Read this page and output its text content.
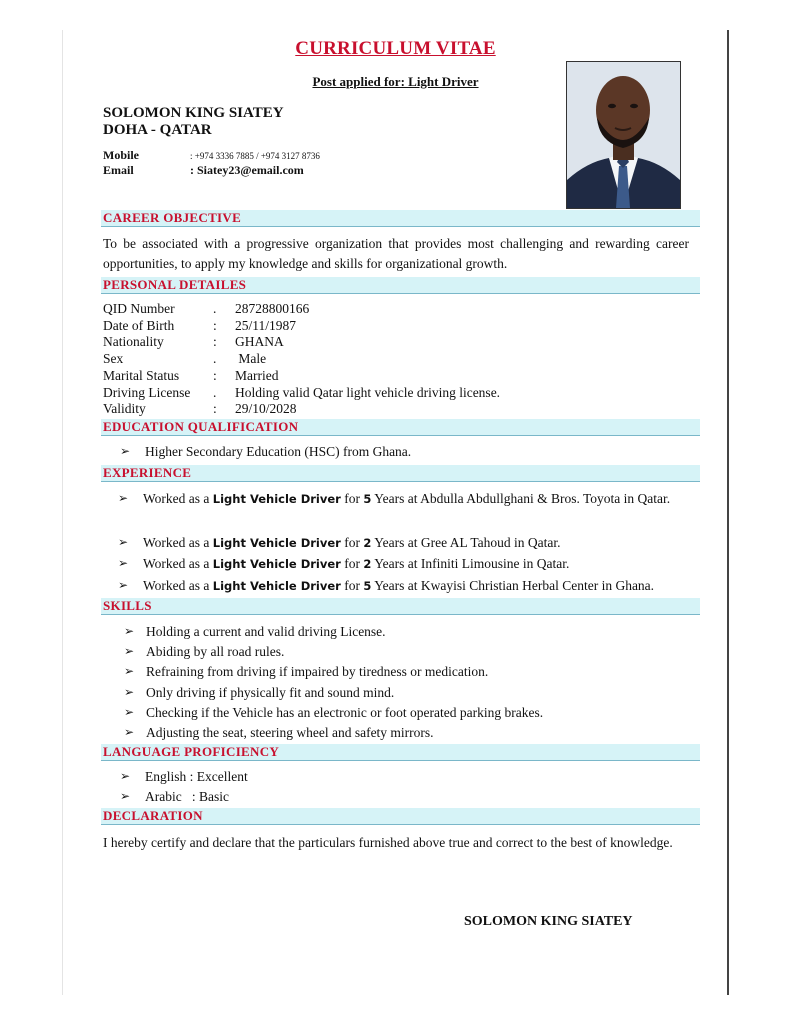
CURRICULUM VITAE
Post applied for: Light Driver
SOLOMON KING SIATEY
DOHA - QATAR
Mobile	: +974 3336 7885 / +974 3127 8736
Email	: Siatey23@email.com
CAREER OBJECTIVE
To be associated with a progressive organization that provides most challenging and rewarding career opportunities, to apply my knowledge and skills for organizational growth.
PERSONAL DETAILES
QID Number	.	28728800166
Date of Birth	:	25/11/1987
Nationality	:	GHANA
Sex	.	Male
Marital Status	:	Married
Driving License	.	Holding valid Qatar light vehicle driving license.
Validity	:	29/10/2028
EDUCATION QUALIFICATION
➢ Higher Secondary Education (HSC) from Ghana.
EXPERIENCE
➢ Worked as a Light Vehicle Driver for 5 Years at Abdulla Abdullghani & Bros. Toyota in Qatar.
➢ Worked as a Light Vehicle Driver for 2 Years at Gree AL Tahoud in Qatar.
➢ Worked as a Light Vehicle Driver for 2 Years at Infiniti Limousine in Qatar.
➢ Worked as a Light Vehicle Driver for 5 Years at Kwayisi Christian Herbal Center in Ghana.
SKILLS
➢ Holding a current and valid driving License.
➢ Abiding by all road rules.
➢ Refraining from driving if impaired by tiredness or medication.
➢ Only driving if physically fit and sound mind.
➢ Checking if the Vehicle has an electronic or foot operated parking brakes.
➢ Adjusting the seat, steering wheel and safety mirrors.
LANGUAGE PROFICIENCY
➢ English : Excellent
➢ Arabic   : Basic
DECLARATION
I hereby certify and declare that the particulars furnished above true and correct to the best of knowledge.
SOLOMON KING SIATEY
